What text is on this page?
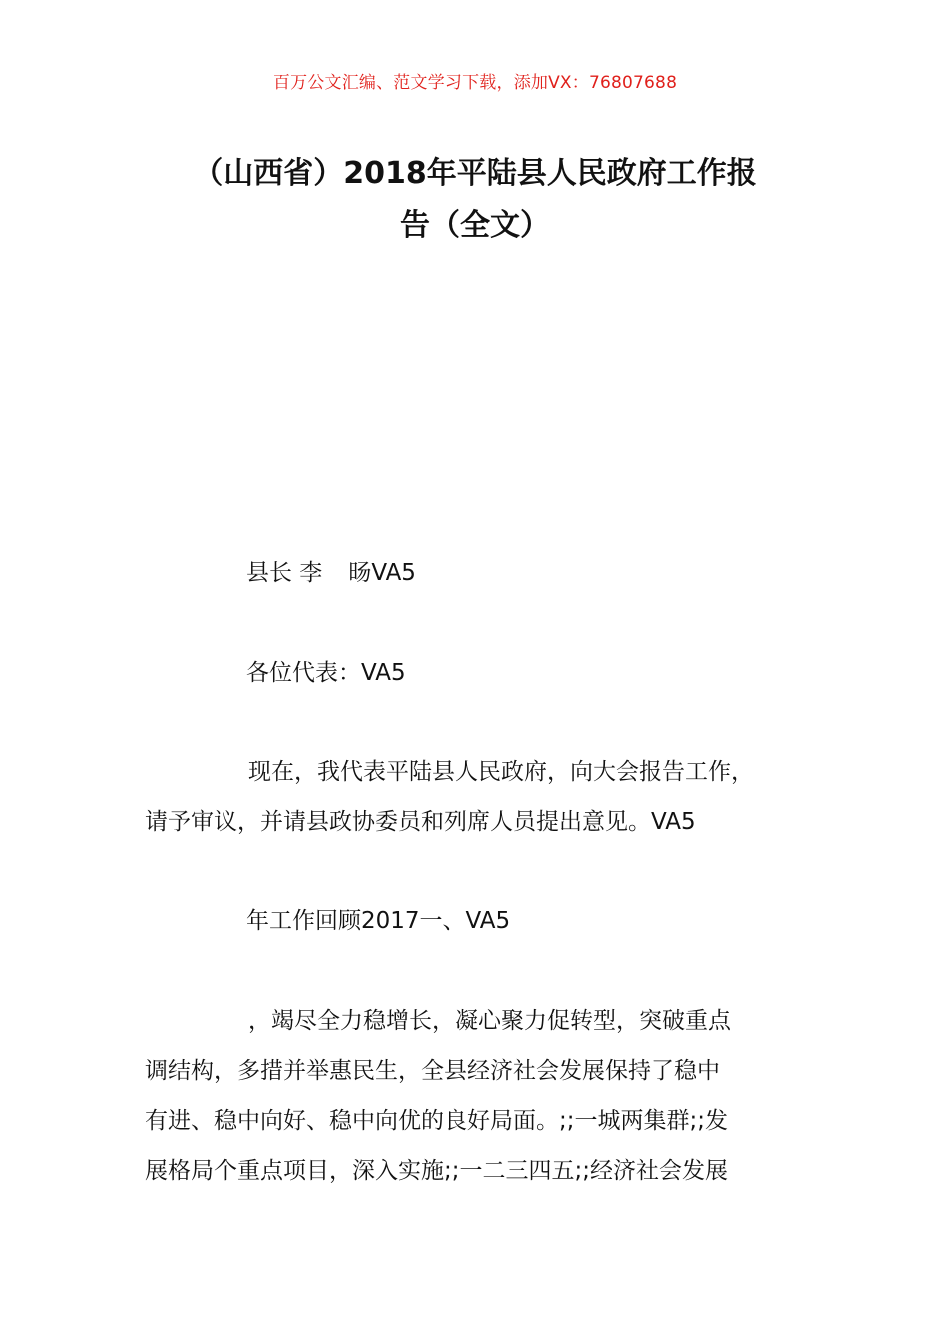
百万公文汇编、范文学习下载，添加VX：76807688
（山西省）2018年平陆县人民政府工作报
告（全文）
县长 李 旸VA5
各位代表：VA5
现在，我代表平陆县人民政府，向大会报告工作，
请予审议，并请县政协委员和列席人员提出意见。VA5
年工作回顾2017一、VA5
，竭尽全力稳增长，凝心聚力促转型，突破重点
调结构，多措并举惠民生，全县经济社会发展保持了稳中
有进、稳中向好、稳中向优的良好局面。;;一城两集群;;发
展格局个重点项目，深入实施;;一二三四五;;经济社会发展
